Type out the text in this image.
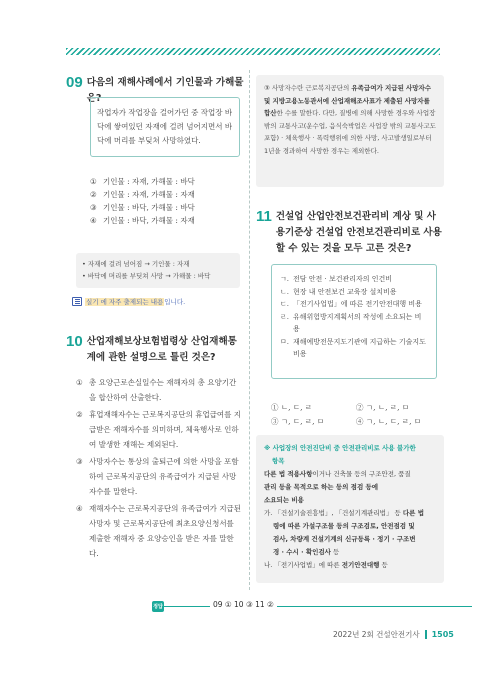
09 다음의 재해사례에서 기인물과 가해물은?
작업자가 작업장을 걸어가던 중 작업장 바닥에 쌓여있던 자재에 걸려 넘어지면서 바닥에 머리를 부딪쳐 사망하였다.
① 기인물 : 자재, 가해물 : 바닥
② 기인물 : 자재, 가해물 : 자재
③ 기인물 : 바닥, 가해물 : 바닥
④ 기인물 : 바닥, 가해물 : 자재
• 자재에 걸려 넘어짐 → 기인물 : 자재
• 바닥에 머리를 부딪쳐 사망 → 가해물 : 바닥
실기 에 자주 출제되는 내용입니다.
10 산업재해보상보험법령상 산업재해통계에 관한 설명으로 틀린 것은?
① 총 요양근로손실일수는 재해자의 총 요양기간을 합산하여 산출한다.
② 휴업재해자수는 근로복지공단의 휴업급여를 지급받은 재해자수를 의미하며, 체육행사로 인하여 발생한 재해는 제외된다.
③ 사망자수는 통상의 출퇴근에 의한 사망을 포함하여 근로복지공단의 유족급여가 지급된 사망자수를 말한다.
④ 재해자수는 근로복지공단의 유족급여가 지급된 사망자 및 근로복지공단에 최초요양신청서를 제출한 재해자 중 요양승인을 받은 자를 말한다.
③ 사망자수란 근로복지공단의 유족급여가 지급된 사망자수 및 지방고용노동관서에 산업재해조사표가 제출된 사망자를 합산한 수를 말한다. 다만, 질병에 의해 사망한 경우와 사업장 밖의 교통사고(운수업, 음식숙박업은 사업장 밖의 교통사고도 포함) · 체육행사 · 폭력행위에 의한 사망, 사고발생일로부터 1년을 경과하여 사망한 경우는 제외한다.
11 건설업 산업안전보건관리비 계상 및 사용기준상 건설업 안전보건관리비로 사용할 수 있는 것을 모두 고른 것은?
ㄱ. 전담 안전 · 보건관리자의 인건비
ㄴ. 현장 내 안전보건 교육장 설치비용
ㄷ. 「전기사업법」에 따른 전기안전대행 비용
ㄹ. 유해위험방지계획서의 작성에 소요되는 비용
ㅁ. 재해예방전문지도기관에 지급하는 기술지도 비용
① ㄴ, ㄷ, ㄹ	② ㄱ, ㄴ, ㄹ, ㅁ
③ ㄱ, ㄷ, ㄹ, ㅁ	④ ㄱ, ㄴ, ㄷ, ㄹ, ㅁ
※ 사업장의 안전진단비 중 안전관리비로 사용 불가한
항목
다른 법 적용사항이거나 건축물 등의 구조안전, 품질
관리 등을 목적으로 하는 등의 점검 등에
소요되는 비용
가. 「건설기술진흥법」, 「건설기계관리법」 등 다른 법
령에 따른 가설구조물 등의 구조검토, 안전점검 및
검사, 차량계 건설기계의 신규등록 · 정기 · 구조변
경 · 수시 · 확인검사 등
나. 「전기사업법」에 따른 전기안전대행 등
정답	09 ① 10 ③ 11 ②
2022년 2회 건설안전기사 1505
